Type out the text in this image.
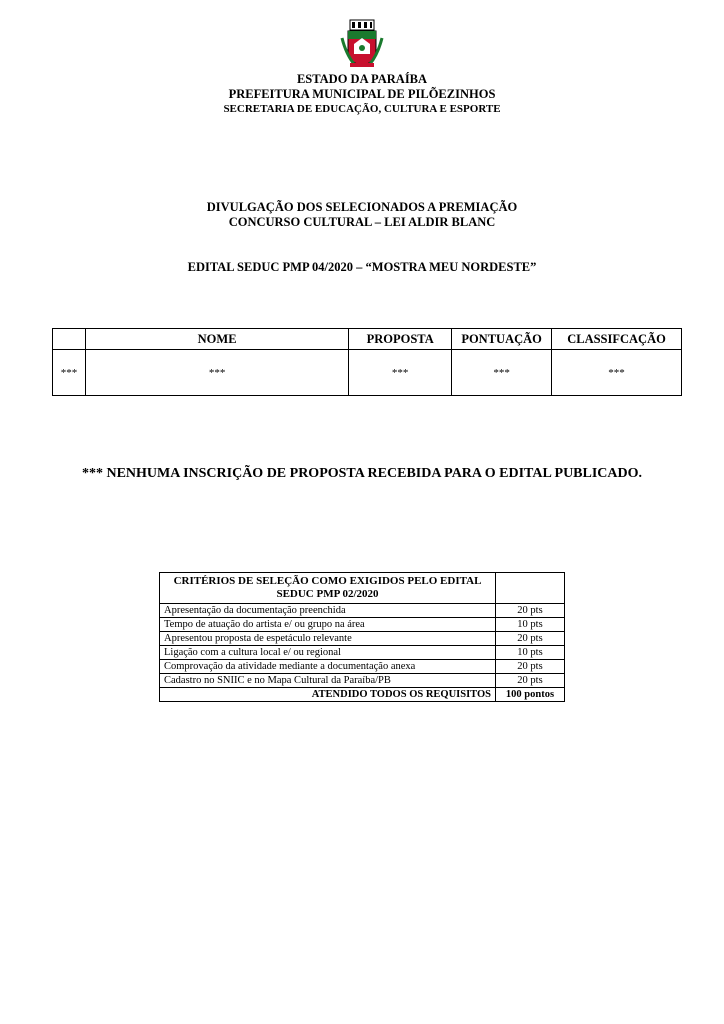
ESTADO DA PARAÍBA
PREFEITURA MUNICIPAL DE PILÕEZINHOS
SECRETARIA DE EDUCAÇÃO, CULTURA E ESPORTE
DIVULGAÇÃO DOS SELECIONADOS A PREMIAÇÃO
CONCURSO CULTURAL – LEI ALDIR BLANC
EDITAL SEDUC PMP 04/2020 – “MOSTRA MEU NORDESTE”
	NOME	PROPOSTA	PONTUAÇÃO	CLASSIFCAÇÃO
***	***	***	***	***
*** NENHUMA INSCRIÇÃO DE PROPOSTA RECEBIDA PARA O EDITAL PUBLICADO.
CRITÉRIOS DE SELEÇÃO COMO EXIGIDOS PELO EDITAL SEDUC PMP 02/2020	
Apresentação da documentação preenchida	20 pts
Tempo de atuação do artista e/ ou grupo na área	10 pts
Apresentou proposta de espetáculo relevante	20 pts
Ligação com a cultura local e/ ou regional	10 pts
Comprovação da atividade mediante a documentação anexa	20 pts
Cadastro no SNIIC e no Mapa Cultural da Paraíba/PB	20 pts
ATENDIDO TODOS OS REQUISITOS	100 pontos
